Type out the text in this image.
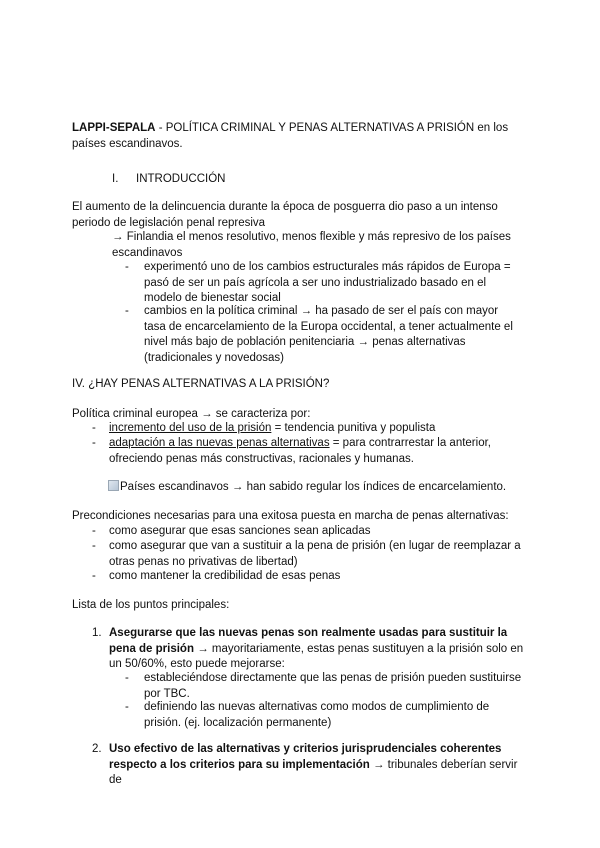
LAPPI-SEPALA - POLÍTICA CRIMINAL Y PENAS ALTERNATIVAS A PRISIÓN en los países escandinavos.

I. INTRODUCCIÓN

El aumento de la delincuencia durante la época de posguerra dio paso a un intenso periodo de legislación penal represiva

→ Finlandia el menos resolutivo, menos flexible y más represivo de los países escandinavos

- experimentó uno de los cambios estructurales más rápidos de Europa = pasó de ser un país agrícola a ser uno industrializado basado en el modelo de bienestar social
- cambios en la política criminal → ha pasado de ser el país con mayor tasa de encarcelamiento de la Europa occidental, a tener actualmente el nivel más bajo de población penitenciaria → penas alternativas (tradicionales y novedosas)

IV. ¿HAY PENAS ALTERNATIVAS A LA PRISIÓN?

Política criminal europea → se caracteriza por:

- incremento del uso de la prisión = tendencia punitiva y populista
- adaptación a las nuevas penas alternativas = para contrarrestar la anterior, ofreciendo penas más constructivas, racionales y humanas.

Países escandinavos → han sabido regular los índices de encarcelamiento.

Precondiciones necesarias para una exitosa puesta en marcha de penas alternativas:

- como asegurar que esas sanciones sean aplicadas
- como asegurar que van a sustituir a la pena de prisión (en lugar de reemplazar a otras penas no privativas de libertad)
- como mantener la credibilidad de esas penas

Lista de los puntos principales:

1. Asegurarse que las nuevas penas son realmente usadas para sustituir la pena de prisión → mayoritariamente, estas penas sustituyen a la prisión solo en un 50/60%, esto puede mejorarse:
- estableciéndose directamente que las penas de prisión pueden sustituirse por TBC.
- definiendo las nuevas alternativas como modos de cumplimiento de prisión. (ej. localización permanente)
2. Uso efectivo de las alternativas y criterios jurisprudenciales coherentes respecto a los criterios para su implementación → tribunales deberían servir de
